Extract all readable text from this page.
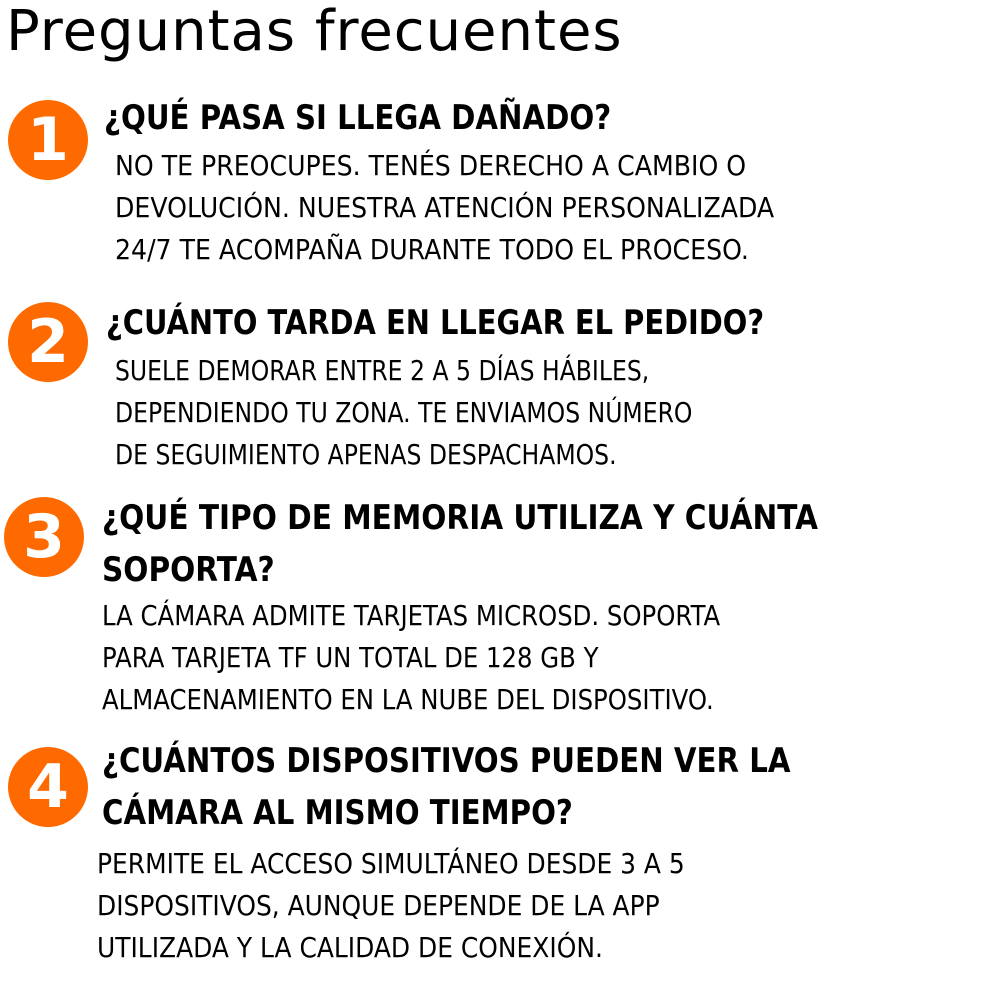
Preguntas frecuentes
1	¿QUÉ PASA SI LLEGA DAÑADO?

NO TE PREOCUPES. TENÉS DERECHO A CAMBIO O
DEVOLUCIÓN. NUESTRA ATENCIÓN PERSONALIZADA
24/7 TE ACOMPAÑA DURANTE TODO EL PROCESO.

2	¿CUÁNTO TARDA EN LLEGAR EL PEDIDO?

SUELE DEMORAR ENTRE 2 A 5 DÍAS HÁBILES,
DEPENDIENDO TU ZONA. TE ENVIAMOS NÚMERO
DE SEGUIMIENTO APENAS DESPACHAMOS.

3	¿QUÉ TIPO DE MEMORIA UTILIZA Y CUÁNTA
SOPORTA?

LA CÁMARA ADMITE TARJETAS MICROSD. SOPORTA
PARA TARJETA TF UN TOTAL DE 128 GB Y
ALMACENAMIENTO EN LA NUBE DEL DISPOSITIVO.

4 ¿CUÁNTOS DISPOSITIVOS PUEDEN VER LA
CÁMARA AL MISMO TIEMPO?

PERMITE EL ACCESO SIMULTÁNEO DESDE 3 A 5
DISPOSITIVOS, AUNQUE DEPENDE DE LA APP
UTILIZADA Y LA CALIDAD DE CONEXIÓN.
